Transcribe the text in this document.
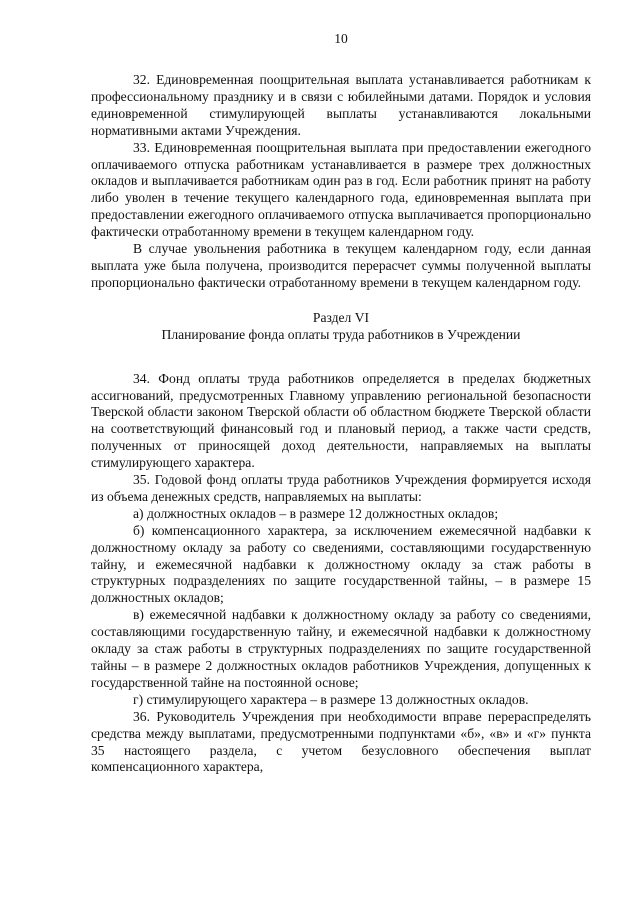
10

32. Единовременная поощрительная выплата устанавливается работникам к профессиональному празднику и в связи с юбилейными датами. Порядок и условия единовременной стимулирующей выплаты устанавливаются локальными нормативными актами Учреждения.

33. Единовременная поощрительная выплата при предоставлении ежегодного оплачиваемого отпуска работникам устанавливается в размере трех должностных окладов и выплачивается работникам один раз в год. Если работник принят на работу либо уволен в течение текущего календарного года, единовременная выплата при предоставлении ежегодного оплачиваемого отпуска выплачивается пропорционально фактически отработанному времени в текущем календарном году.

В случае увольнения работника в текущем календарном году, если данная выплата уже была получена, производится перерасчет суммы полученной выплаты пропорционально фактически отработанному времени в текущем календарном году.

Раздел VI

Планирование фонда оплаты труда работников в Учреждении

34. Фонд оплаты труда работников определяется в пределах бюджетных ассигнований, предусмотренных Главному управлению региональной безопасности Тверской области законом Тверской области об областном бюджете Тверской области на соответствующий финансовый год и плановый период, а также части средств, полученных от приносящей доход деятельности, направляемых на выплаты стимулирующего характера.

35. Годовой фонд оплаты труда работников Учреждения формируется исходя из объема денежных средств, направляемых на выплаты:

а) должностных окладов – в размере 12 должностных окладов;

б) компенсационного характера, за исключением ежемесячной надбавки к должностному окладу за работу со сведениями, составляющими государственную тайну, и ежемесячной надбавки к должностному окладу за стаж работы в структурных подразделениях по защите государственной тайны, – в размере 15 должностных окладов;

в) ежемесячной надбавки к должностному окладу за работу со сведениями, составляющими государственную тайну, и ежемесячной надбавки к должностному окладу за стаж работы в структурных подразделениях по защите государственной тайны – в размере 2 должностных окладов работников Учреждения, допущенных к государственной тайне на постоянной основе;

г) стимулирующего характера – в размере 13 должностных окладов.

36. Руководитель Учреждения при необходимости вправе перераспределять средства между выплатами, предусмотренными подпунктами «б», «в» и «г» пункта 35 настоящего раздела, с учетом безусловного обеспечения выплат компенсационного характера,
